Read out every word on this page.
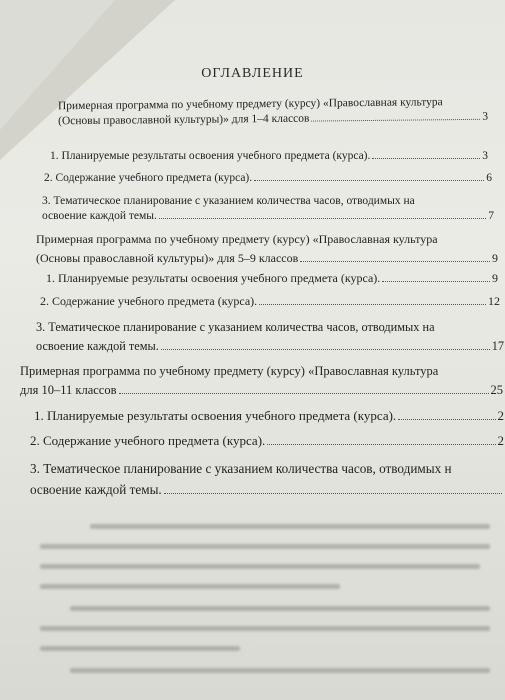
ОГЛАВЛЕНИЕ
Примерная программа по учебному предмету (курсу) «Православная культура
(Основы православной культуры)» для 1–4 классов	3
1. Планируемые результаты освоения учебного предмета (курса).	3
2. Содержание учебного предмета (курса).	6
3. Тематическое планирование с указанием количества часов, отводимых на
освоение каждой темы.	7
Примерная программа по учебному предмету (курсу) «Православная культура
(Основы православной культуры)» для 5–9 классов	9
1. Планируемые результаты освоения учебного предмета (курса).	9
2. Содержание учебного предмета (курса).	12
3. Тематическое планирование с указанием количества часов, отводимых на
освоение каждой темы.	17
Примерная программа по учебному предмету (курсу) «Православная культура
для 10–11 классов	25
1. Планируемые результаты освоения учебного предмета (курса).	2
2. Содержание учебного предмета (курса).	2
3. Тематическое планирование с указанием количества часов, отводимых н
освоение каждой темы.
